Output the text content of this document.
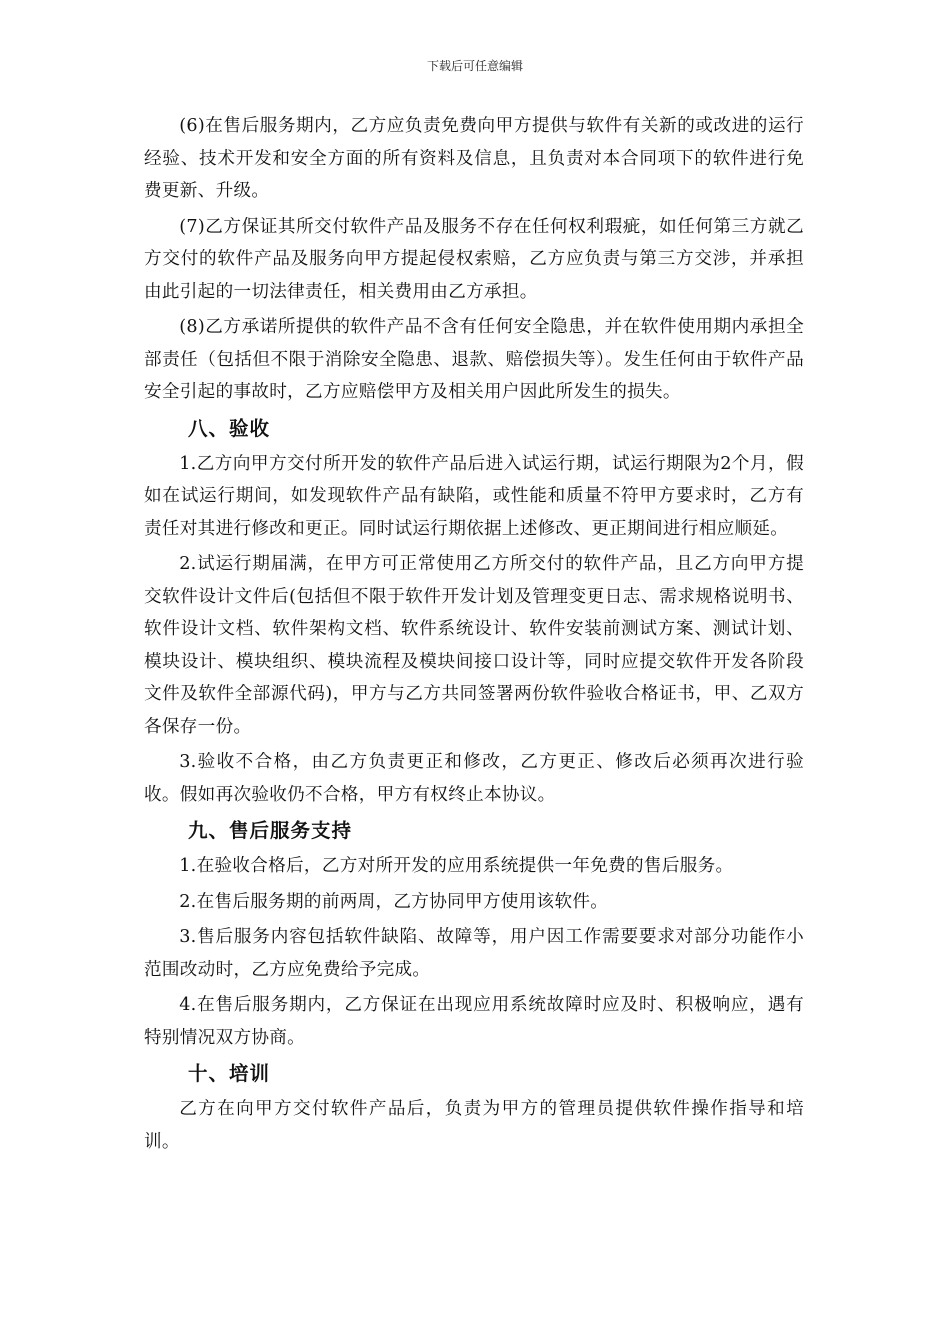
下载后可任意编辑

(6)在售后服务期内，乙方应负责免费向甲方提供与软件有关新的或改进的运行经验、技术开发和安全方面的所有资料及信息，且负责对本合同项下的软件进行免费更新、升级。

(7)乙方保证其所交付软件产品及服务不存在任何权利瑕疵，如任何第三方就乙方交付的软件产品及服务向甲方提起侵权索赔，乙方应负责与第三方交涉，并承担由此引起的一切法律责任，相关费用由乙方承担。

(8)乙方承诺所提供的软件产品不含有任何安全隐患，并在软件使用期内承担全部责任（包括但不限于消除安全隐患、退款、赔偿损失等）。发生任何由于软件产品安全引起的事故时，乙方应赔偿甲方及相关用户因此所发生的损失。

八、验收

1.乙方向甲方交付所开发的软件产品后进入试运行期，试运行期限为2个月，假如在试运行期间，如发现软件产品有缺陷，或性能和质量不符甲方要求时，乙方有责任对其进行修改和更正。同时试运行期依据上述修改、更正期间进行相应顺延。

2.试运行期届满，在甲方可正常使用乙方所交付的软件产品，且乙方向甲方提交软件设计文件后(包括但不限于软件开发计划及管理变更日志、需求规格说明书、软件设计文档、软件架构文档、软件系统设计、软件安装前测试方案、测试计划、模块设计、模块组织、模块流程及模块间接口设计等，同时应提交软件开发各阶段文件及软件全部源代码)，甲方与乙方共同签署两份软件验收合格证书，甲、乙双方各保存一份。

3.验收不合格，由乙方负责更正和修改，乙方更正、修改后必须再次进行验收。假如再次验收仍不合格，甲方有权终止本协议。

九、售后服务支持

1.在验收合格后，乙方对所开发的应用系统提供一年免费的售后服务。

2.在售后服务期的前两周，乙方协同甲方使用该软件。

3.售后服务内容包括软件缺陷、故障等，用户因工作需要要求对部分功能作小范围改动时，乙方应免费给予完成。

4.在售后服务期内，乙方保证在出现应用系统故障时应及时、积极响应，遇有特别情况双方协商。

十、培训

乙方在向甲方交付软件产品后，负责为甲方的管理员提供软件操作指导和培训。
